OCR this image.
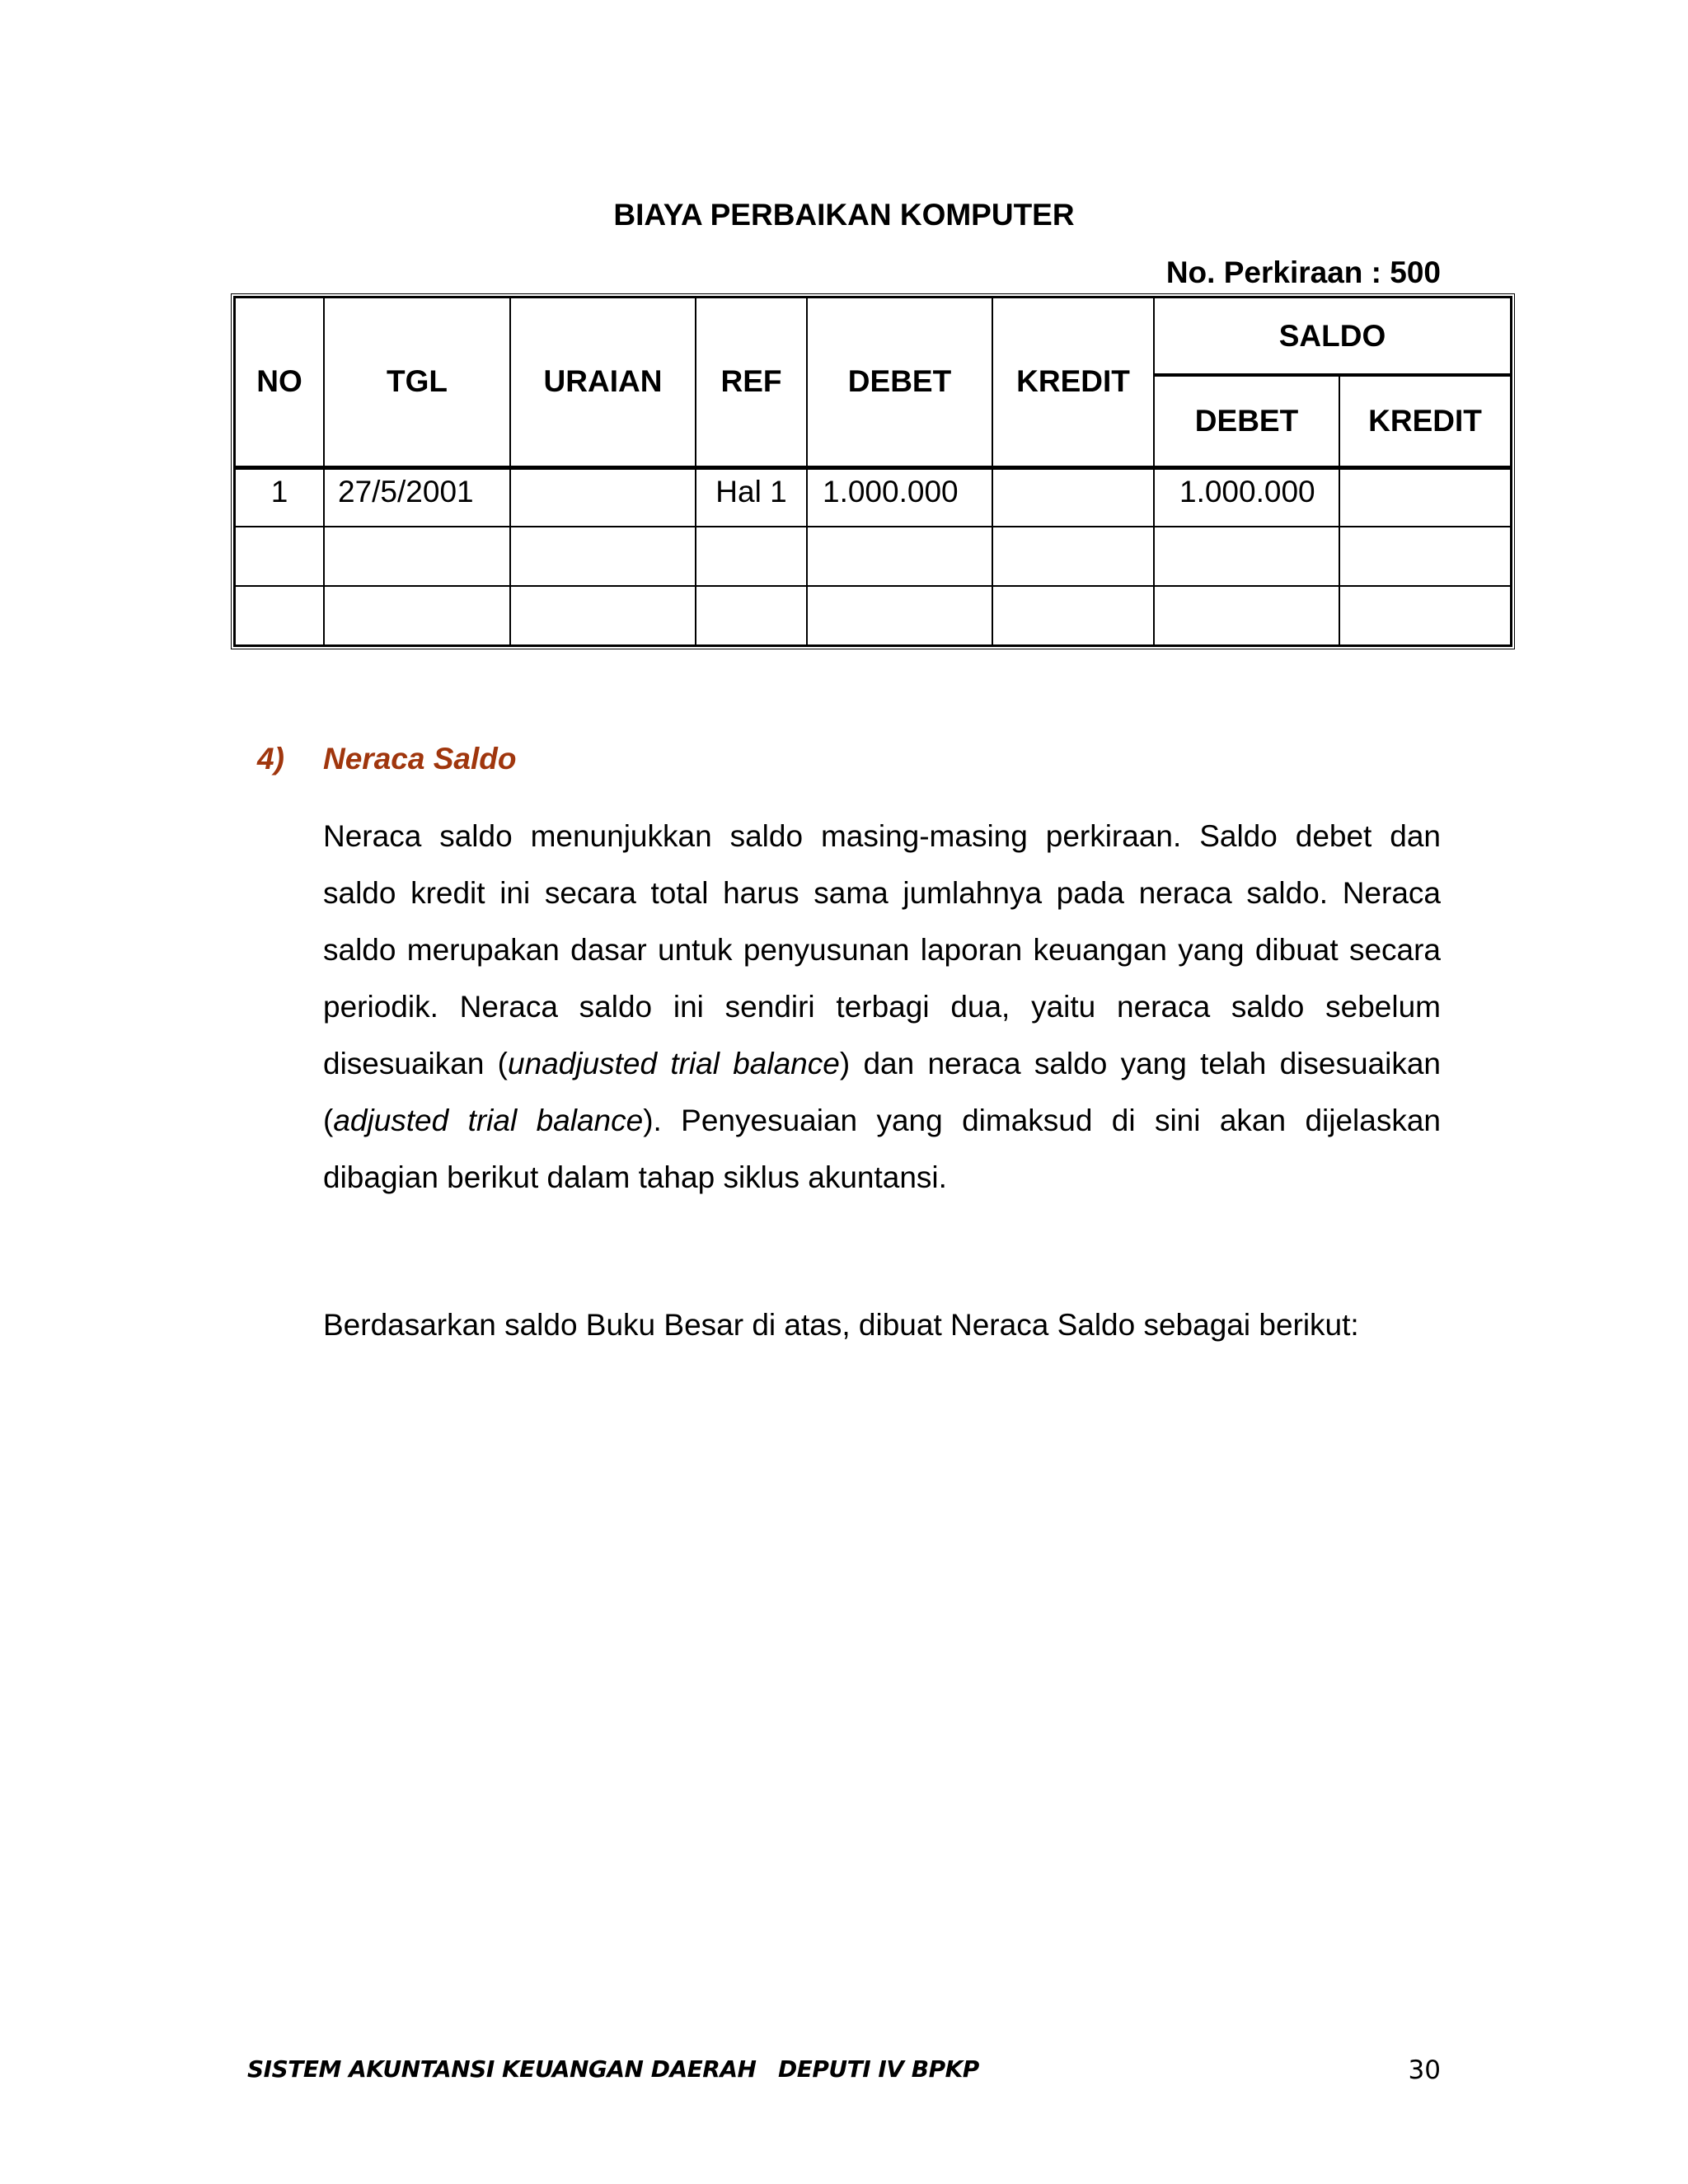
BIAYA PERBAIKAN KOMPUTER
No. Perkiraan : 500
NO	TGL	URAIAN	REF	DEBET	KREDIT	SALDO	
						DEBET	KREDIT
1	27/5/2001		Hal 1	1.000.000		1.000.000	

4) Neraca Saldo
Neraca saldo menunjukkan saldo masing-masing perkiraan. Saldo debet dan saldo kredit ini secara total harus sama jumlahnya pada neraca saldo. Neraca saldo merupakan dasar untuk penyusunan laporan keuangan yang dibuat secara periodik. Neraca saldo ini sendiri terbagi dua, yaitu neraca saldo sebelum disesuaikan (unadjusted trial balance) dan neraca saldo yang telah disesuaikan (adjusted trial balance). Penyesuaian yang dimaksud di sini akan dijelaskan dibagian berikut dalam tahap siklus akuntansi.
Berdasarkan saldo Buku Besar di atas, dibuat Neraca Saldo sebagai berikut:
SISTEM AKUNTANSI KEUANGAN DAERAH DEPUTI IV BPKP	30
